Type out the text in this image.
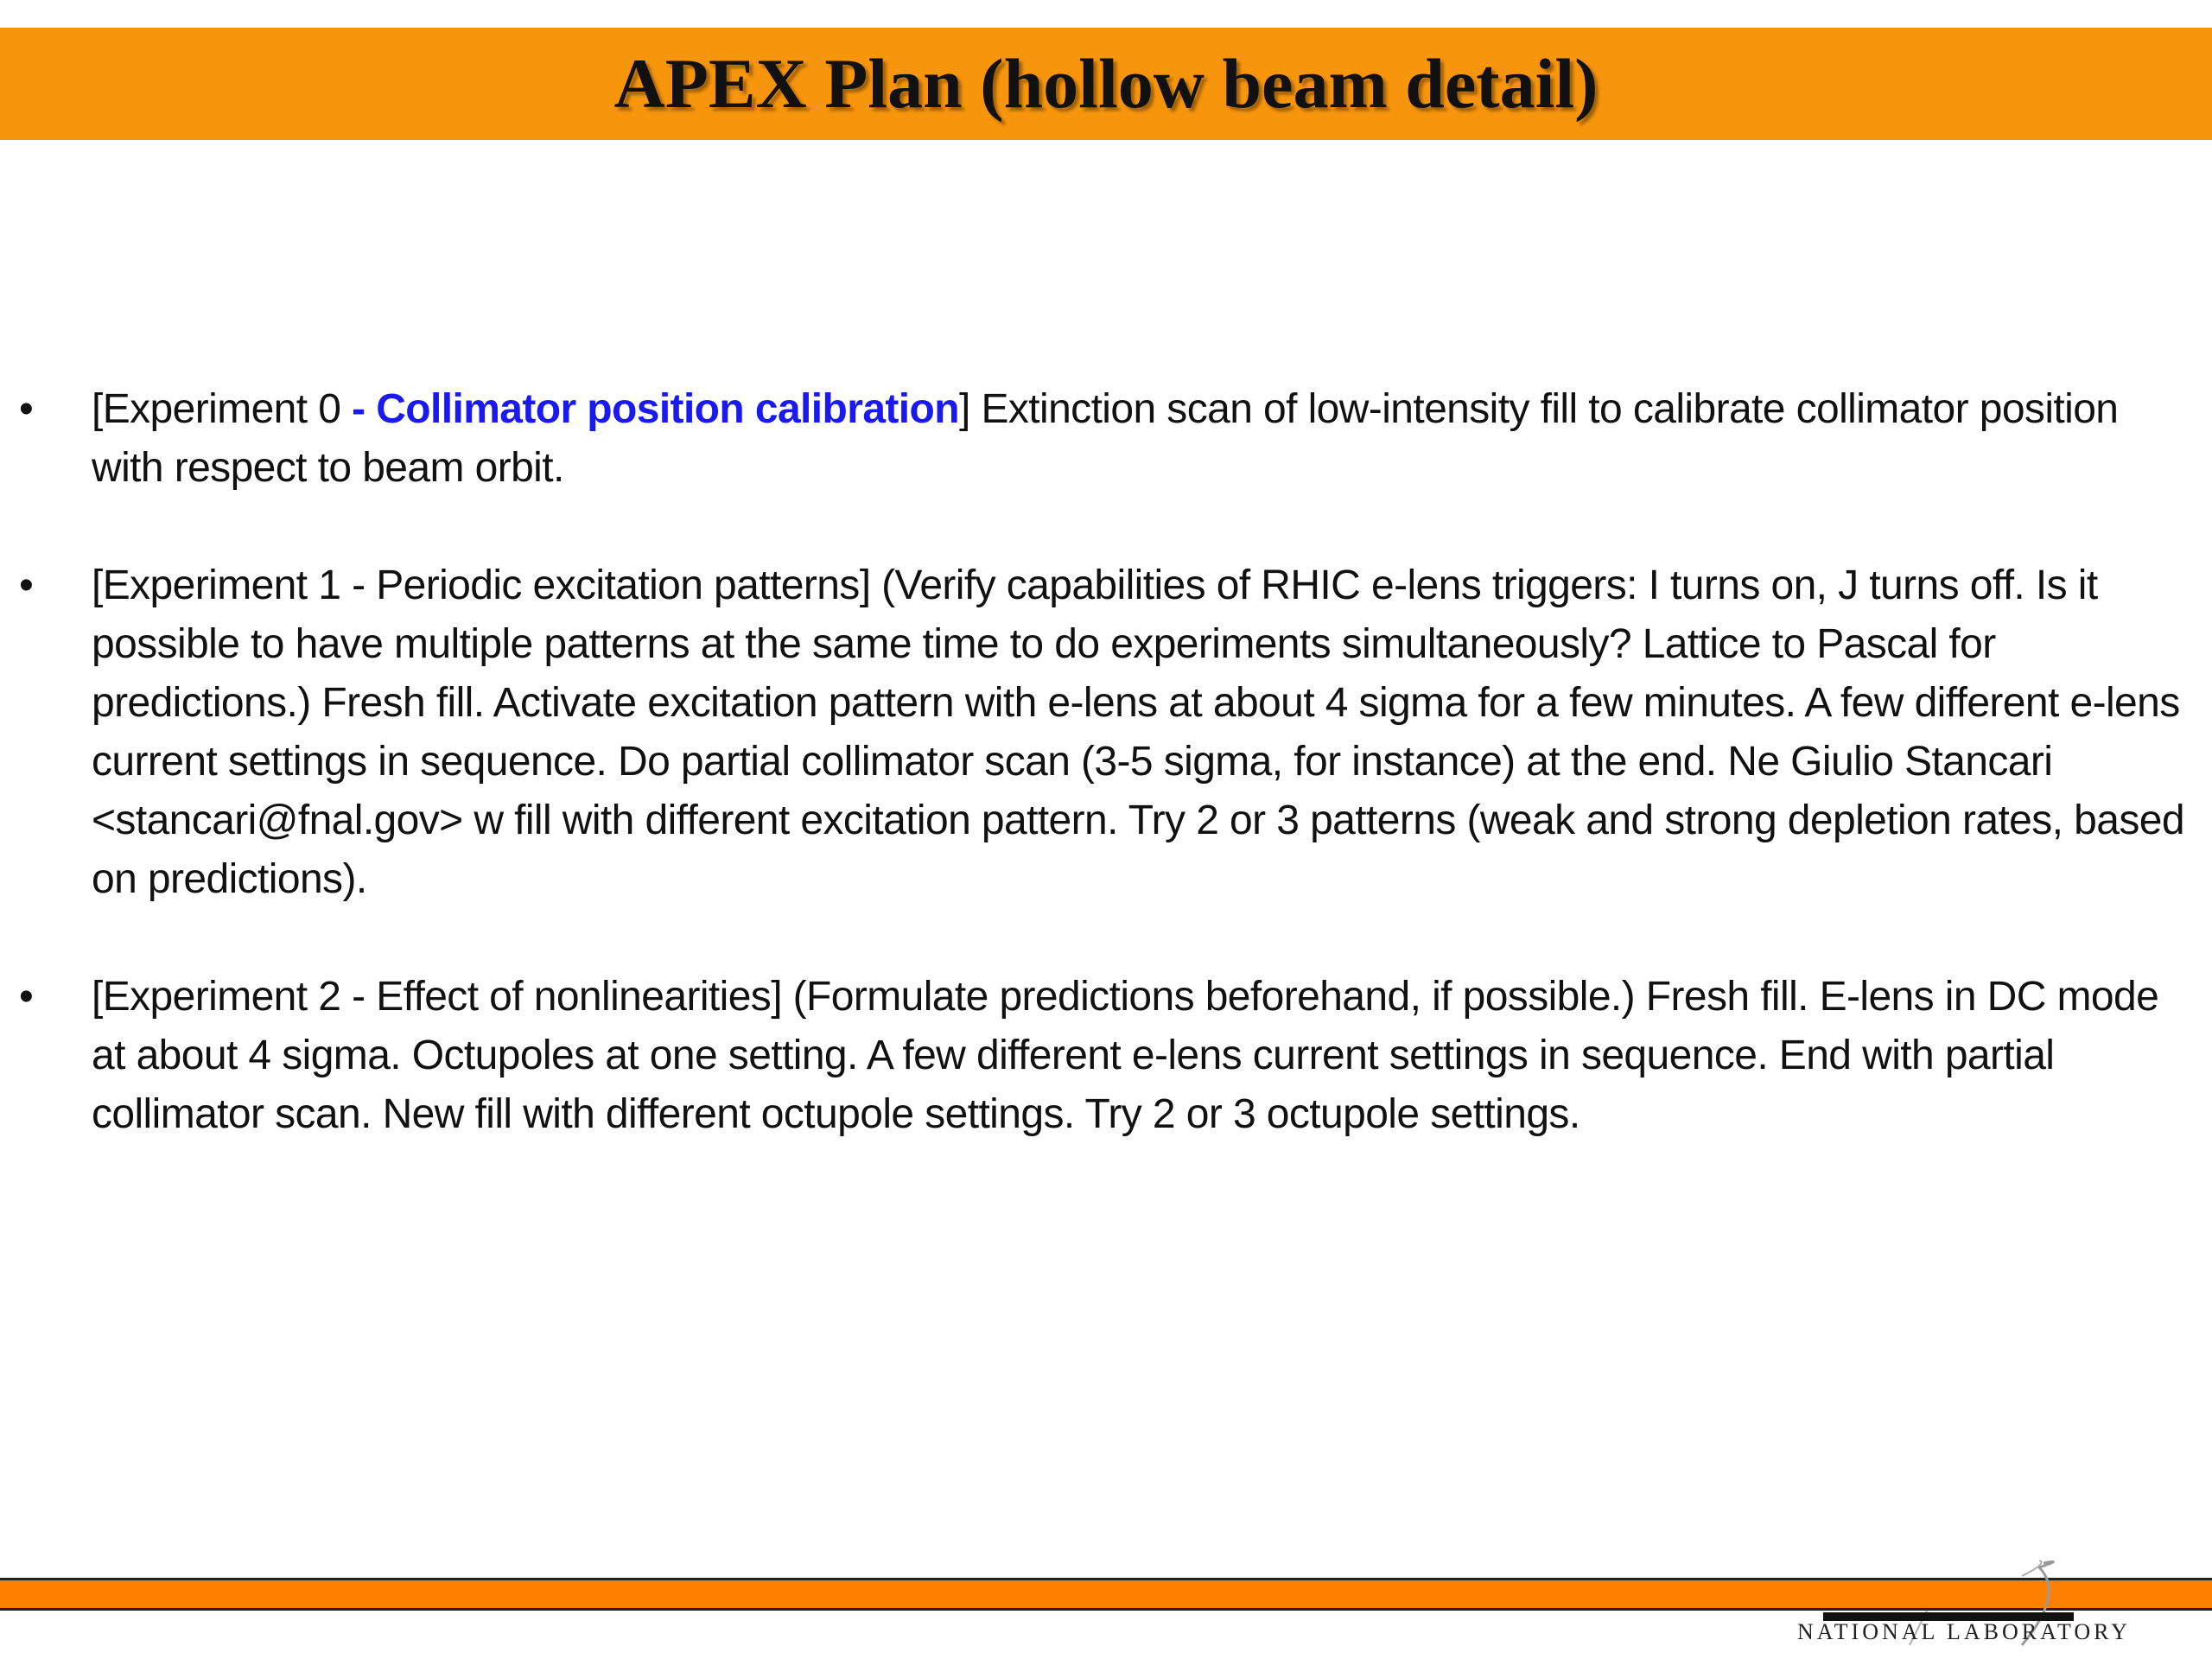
APEX Plan (hollow beam detail)
• [Experiment 0 - Collimator position calibration] Extinction scan of low-intensity fill to calibrate collimator position with respect to beam orbit.
• [Experiment 1 - Periodic excitation patterns] (Verify capabilities of RHIC e-lens triggers: I turns on, J turns off. Is it possible to have multiple patterns at the same time to do experiments simultaneously? Lattice to Pascal for predictions.) Fresh fill. Activate excitation pattern with e-lens at about 4 sigma for a few minutes. A few different e-lens current settings in sequence. Do partial collimator scan (3-5 sigma, for instance) at the end. Ne Giulio Stancari <stancari@fnal.gov> w fill with different excitation pattern. Try 2 or 3 patterns (weak and strong depletion rates, based on predictions).
• [Experiment 2 - Effect of nonlinearities] (Formulate predictions beforehand, if possible.) Fresh fill. E-lens in DC mode at about 4 sigma. Octupoles at one setting. A few different e-lens current settings in sequence. End with partial collimator scan. New fill with different octupole settings. Try 2 or 3 octupole settings.
NATIONAL LABORATORY
